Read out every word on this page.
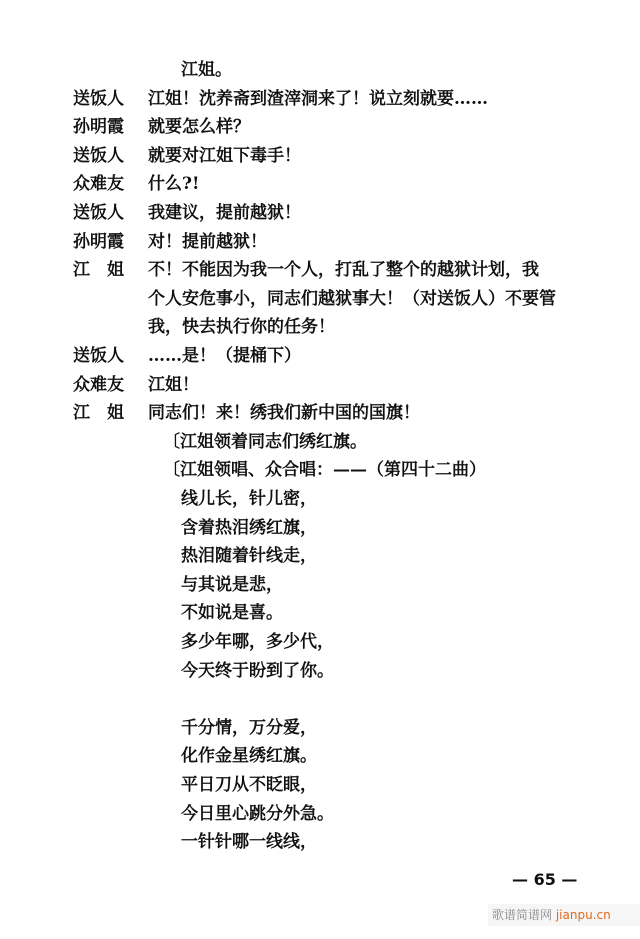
江姐。
送饭人	江姐！沈养斋到渣滓洞来了！说立刻就要……
孙明霞	就要怎么样？
送饭人	就要对江姐下毒手！
众难友	什么?!
送饭人	我建议，提前越狱！
孙明霞	对！提前越狱！
江　姐	不！不能因为我一个人，打乱了整个的越狱计划，我
个人安危事小，同志们越狱事大！（对送饭人）不要管
我，快去执行你的任务！
送饭人	……是！（提桶下）
众难友	江姐！
江　姐	同志们！来！绣我们新中国的国旗！
〔江姐领着同志们绣红旗。
〔江姐领唱、众合唱：——（第四十二曲）
线儿长，针儿密，
含着热泪绣红旗，
热泪随着针线走，
与其说是悲，
不如说是喜。
多少年哪，多少代，
今天终于盼到了你。
千分情，万分爱，
化作金星绣红旗。
平日刀从不眨眼，
今日里心跳分外急。
一针针哪一线线，
— 65 —
歌谱简谱网 jianpu.cn
